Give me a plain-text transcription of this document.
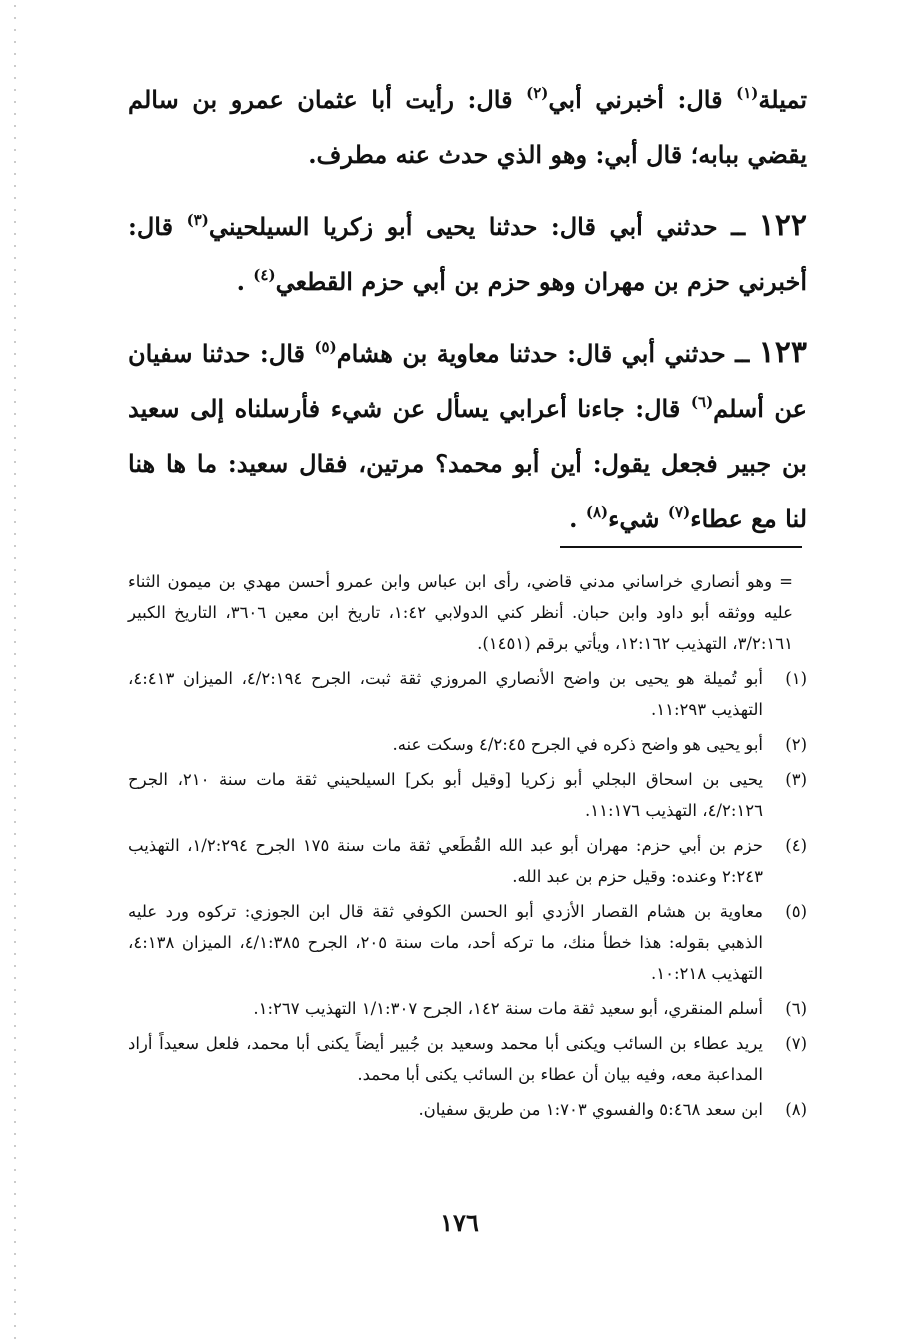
تميلة$^{(١)}$ قال: أخبرني أبي$^{(٢)}$ قال: رأيت أبا عثمان عمرو بن سالم يقضي ببابه؛ قال أبي: وهو الذي حدث عنه مطرف.

١٢٢ ــ حدثني أبي قال: حدثنا يحيى أبو زكريا السيلحيني$^{(٣)}$ قال: أخبرني حزم بن مهران وهو حزم بن أبي حزم القطعي$^{(٤)}$ .

١٢٣ ــ حدثني أبي قال: حدثنا معاوية بن هشام$^{(٥)}$ قال: حدثنا سفيان عن أسلم$^{(٦)}$ قال: جاءنا أعرابي يسأل عن شيء فأرسلناه إلى سعيد بن جبير فجعل يقول: أين أبو محمد؟ مرتين، فقال سعيد: ما ها هنا لنا مع عطاء$^{(٧)}$ شيء$^{(٨)}$ .

= وهو أنصاري خراساني مدني قاضي، رأى ابن عباس وابن عمرو أحسن مهدي بن ميمون الثناء عليه ووثقه أبو داود وابن حبان. أنظر كني الدولابي ١:٤٢، تاريخ ابن معين ٣٦٠٦، التاريخ الكبير ٣/٢:١٦١، التهذيب ١٢:١٦٢، ويأتي برقم (١٤٥١).

(١)
أبو تُميلة هو يحيى بن واضح الأنصاري المروزي ثقة ثبت، الجرح ٤/٢:١٩٤، الميزان ٤:٤١٣، التهذيب ١١:٢٩٣.
(٢)
أبو يحيى هو واضح ذكره في الجرح ٤/٢:٤٥ وسكت عنه.
(٣)
يحيى بن اسحاق البجلي أبو زكريا [وقيل أبو بكر] السيلحيني ثقة مات سنة ٢١٠، الجرح ٤/٢:١٢٦، التهذيب ١١:١٧٦.
(٤)
حزم بن أبي حزم: مهران أبو عبد الله القُطَعي ثقة مات سنة ١٧٥ الجرح ١/٢:٢٩٤، التهذيب ٢:٢٤٣ وعنده: وقيل حزم بن عبد الله.
(٥)
معاوية بن هشام القصار الأزدي أبو الحسن الكوفي ثقة قال ابن الجوزي: تركوه ورد عليه الذهبي بقوله: هذا خطأ منك، ما تركه أحد، مات سنة ٢٠٥، الجرح ٤/١:٣٨٥، الميزان ٤:١٣٨، التهذيب ١٠:٢١٨.
(٦)
أسلم المنقري، أبو سعيد ثقة مات سنة ١٤٢، الجرح ١/١:٣٠٧ التهذيب ١:٢٦٧.
(٧)
يريد عطاء بن السائب ويكنى أبا محمد وسعيد بن جُبير أيضاً يكنى أبا محمد، فلعل سعيداً أراد المداعبة معه، وفيه بيان أن عطاء بن السائب يكنى أبا محمد.
(٨)
ابن سعد ٥:٤٦٨ والفسوي ١:٧٠٣ من طريق سفيان.
١٧٦
